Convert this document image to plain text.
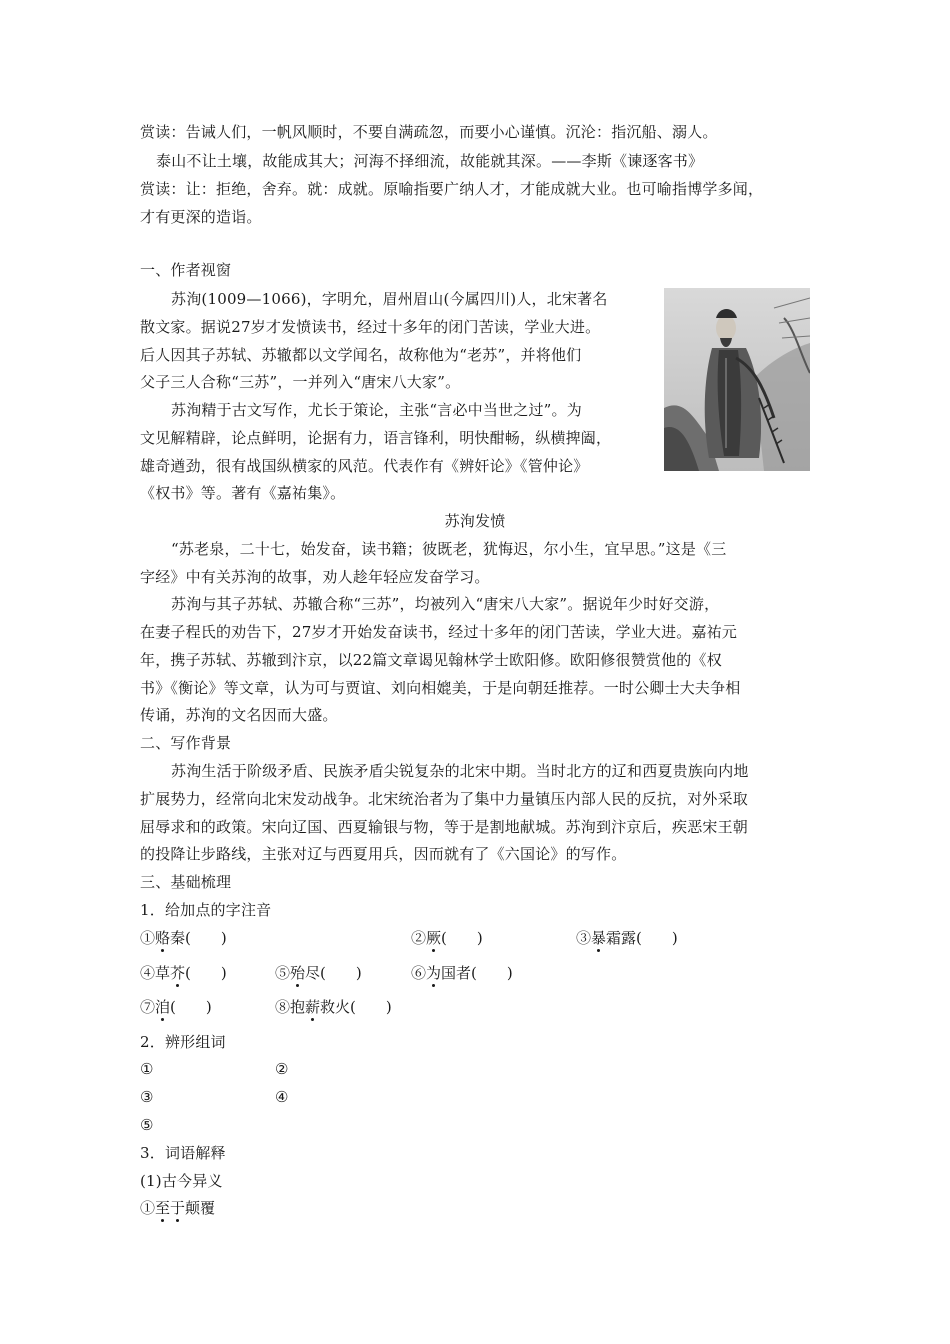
赏读：告诫人们，一帆风顺时，不要自满疏忽，而要小心谨慎。沉沦：指沉船、溺人。
泰山不让土壤，故能成其大；河海不择细流，故能就其深。——李斯《谏逐客书》
赏读：让：拒绝，舍弃。就：成就。原喻指要广纳人才，才能成就大业。也可喻指博学多闻，
才有更深的造诣。
一、作者视窗
苏洵(1009—1066)，字明允，眉州眉山(今属四川)人，北宋著名
散文家。据说27岁才发愤读书，经过十多年的闭门苦读，学业大进。
后人因其子苏轼、苏辙都以文学闻名，故称他为“老苏”，并将他们
父子三人合称“三苏”，一并列入“唐宋八大家”。
苏洵精于古文写作，尤长于策论，主张“言必中当世之过”。为
文见解精辟，论点鲜明，论据有力，语言锋利，明快酣畅，纵横捭阖，
雄奇遒劲，很有战国纵横家的风范。代表作有《辨奸论》《管仲论》
《权书》等。著有《嘉祐集》。
苏洵发愤
“苏老泉，二十七，始发奋，读书籍；彼既老，犹悔迟，尔小生，宜早思。”这是《三
字经》中有关苏洵的故事，劝人趁年轻应发奋学习。
苏洵与其子苏轼、苏辙合称“三苏”，均被列入“唐宋八大家”。据说年少时好交游，
在妻子程氏的劝告下，27岁才开始发奋读书，经过十多年的闭门苦读，学业大进。嘉祐元
年，携子苏轼、苏辙到汴京，以22篇文章谒见翰林学士欧阳修。欧阳修很赞赏他的《权
书》《衡论》等文章，认为可与贾谊、刘向相媲美，于是向朝廷推荐。一时公卿士大夫争相
传诵，苏洵的文名因而大盛。
二、写作背景
苏洵生活于阶级矛盾、民族矛盾尖锐复杂的北宋中期。当时北方的辽和西夏贵族向内地
扩展势力，经常向北宋发动战争。北宋统治者为了集中力量镇压内部人民的反抗，对外采取
屈辱求和的政策。宋向辽国、西夏输银与物，等于是割地献城。苏洵到汴京后，疾恶宋王朝
的投降让步路线，主张对辽与西夏用兵，因而就有了《六国论》的写作。
三、基础梳理
1．给加点的字注音
①赂秦(　　)	②厥(　　)	③暴霜露(　　)
④草芥(　　)	⑤殆尽(　　)	⑥为国者(　　)
⑦洎(　　)	⑧抱薪救火(　　)
2．辨形组词
①	②
③	④
⑤
3．词语解释
(1)古今异义
①至于颠覆
